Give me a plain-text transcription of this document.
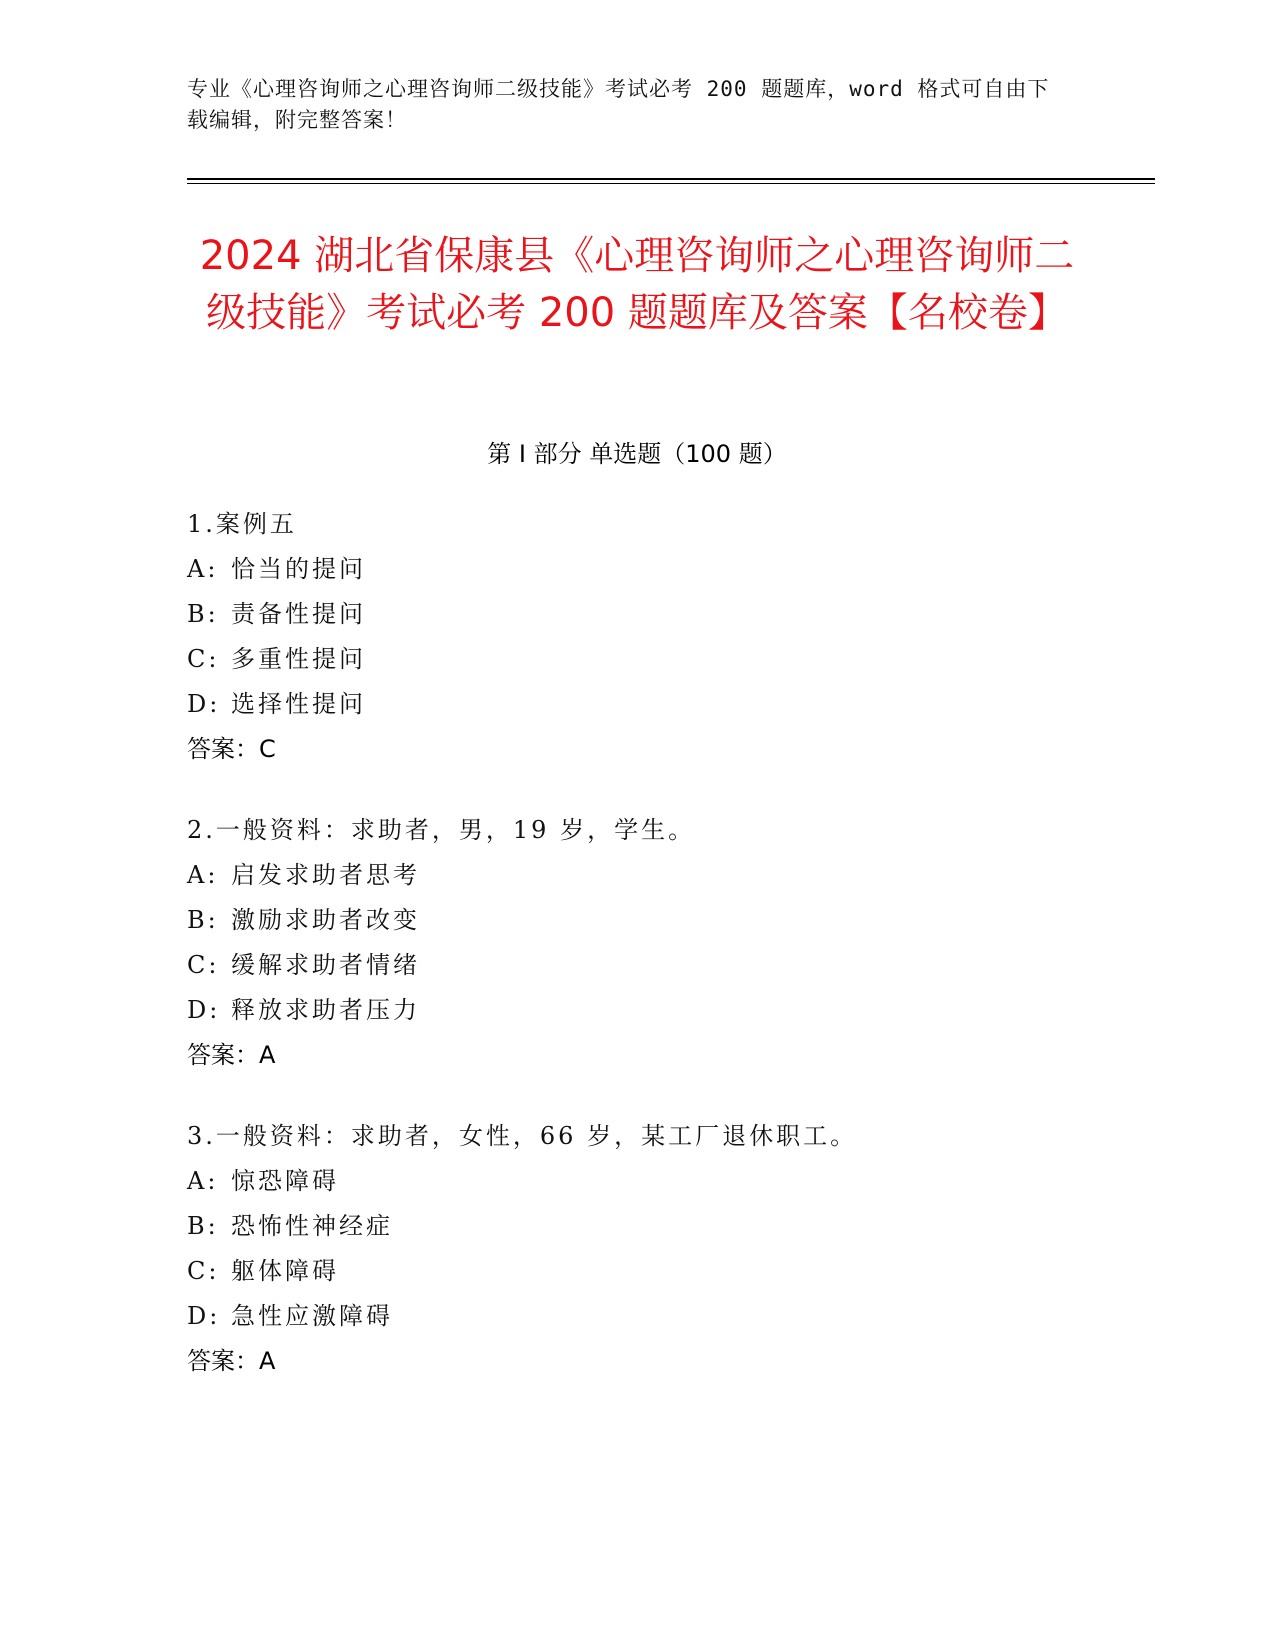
专业《心理咨询师之心理咨询师二级技能》考试必考 200 题题库，word 格式可自由下载编辑，附完整答案！
2024 湖北省保康县《心理咨询师之心理咨询师二级技能》考试必考 200 题题库及答案【名校卷】
第 I 部分 单选题（100 题）
1.案例五
A: 恰当的提问
B: 责备性提问
C: 多重性提问
D: 选择性提问
答案：C
2.一般资料：求助者，男，19 岁，学生。
A: 启发求助者思考
B: 激励求助者改变
C: 缓解求助者情绪
D: 释放求助者压力
答案：A
3.一般资料：求助者，女性，66 岁，某工厂退休职工。
A: 惊恐障碍
B: 恐怖性神经症
C: 躯体障碍
D: 急性应激障碍
答案：A
